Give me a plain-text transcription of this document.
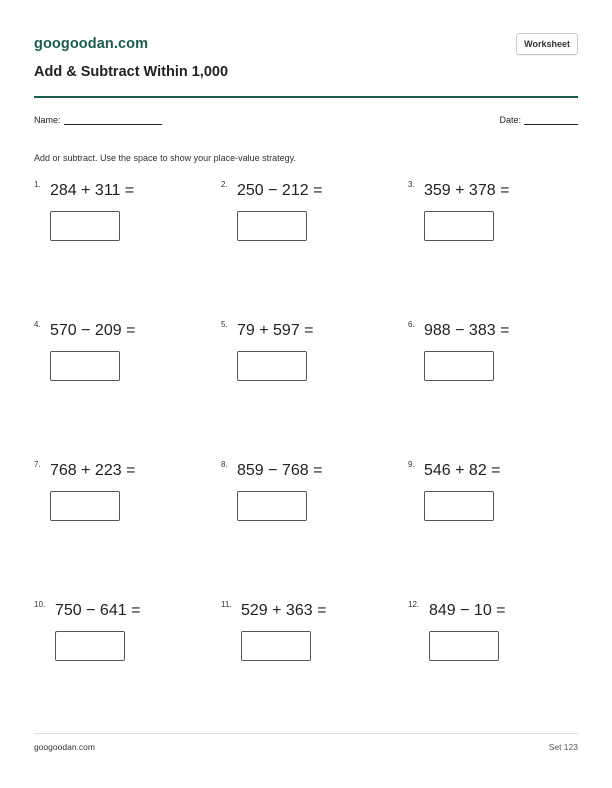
googoodan.com	Worksheet
Add & Subtract Within 1,000
Name:	Date:
Add or subtract. Use the space to show your place-value strategy.
1. 284 + 311 =	2. 250 − 212 =	3. 359 + 378 =
4. 570 − 209 =	5. 79 + 597 =	6. 988 − 383 =
7. 768 + 223 =	8. 859 − 768 =	9. 546 + 82 =
10. 750 − 641 =	11. 529 + 363 =	12. 849 − 10 =
googoodan.com	Set 123
